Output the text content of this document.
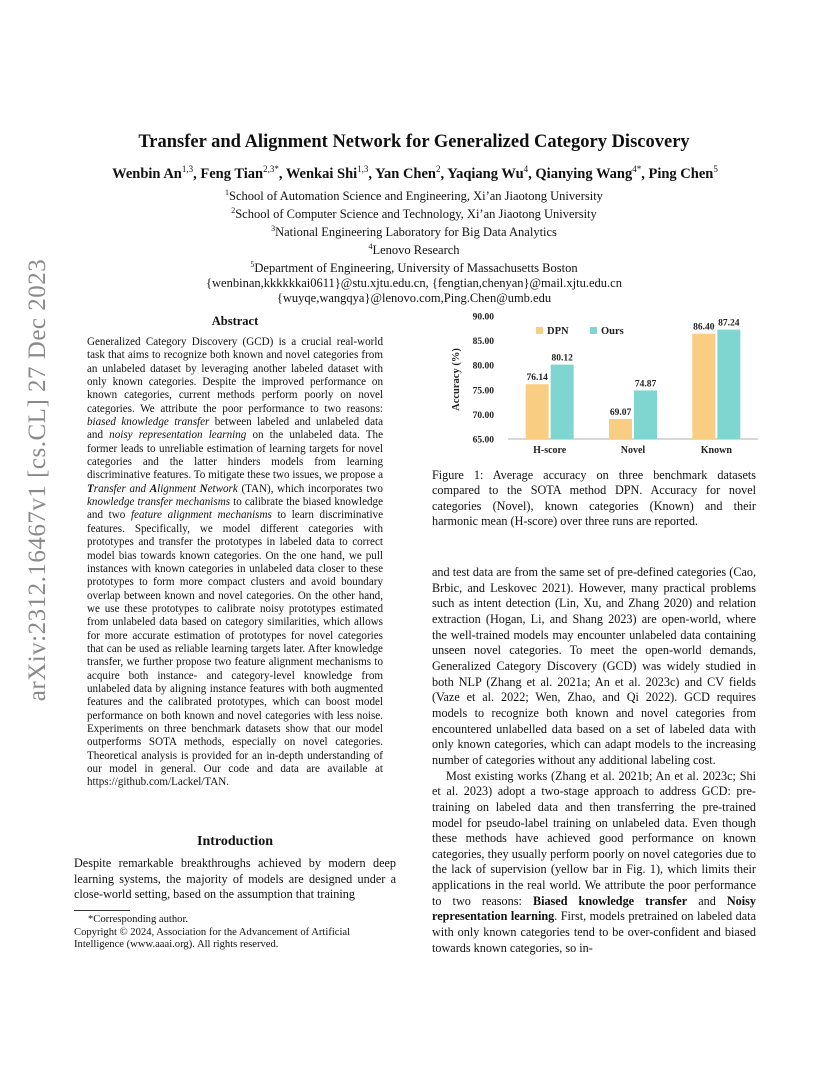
arXiv:2312.16467v1 [cs.CL] 27 Dec 2023
Transfer and Alignment Network for Generalized Category Discovery
Wenbin An$^{1,3}$, Feng Tian$^{2,3*}$, Wenkai Shi$^{1,3}$, Yan Chen$^2$, Yaqiang Wu$^4$, Qianying Wang$^{4*}$, Ping Chen$^5$
$^1$School of Automation Science and Engineering, Xi’an Jiaotong University
$^2$School of Computer Science and Technology, Xi’an Jiaotong University
$^3$National Engineering Laboratory for Big Data Analytics
$^4$Lenovo Research
$^5$Department of Engineering, University of Massachusetts Boston
{wenbinan,kkkkkkai0611}@stu.xjtu.edu.cn, {fengtian,chenyan}@mail.xjtu.edu.cn
{wuyqe,wangqya}@lenovo.com,Ping.Chen@umb.edu
Abstract
Generalized Category Discovery (GCD) is a crucial real-world task that aims to recognize both known and novel categories from an unlabeled dataset by leveraging another labeled dataset with only known categories. Despite the improved performance on known categories, current methods perform poorly on novel categories. We attribute the poor performance to two reasons: biased knowledge transfer between labeled and unlabeled data and noisy representation learning on the unlabeled data. The former leads to unreliable estimation of learning targets for novel categories and the latter hinders models from learning discriminative features. To mitigate these two issues, we propose a Transfer and Alignment Network (TAN), which incorporates two knowledge transfer mechanisms to calibrate the biased knowledge and two feature alignment mechanisms to learn discriminative features. Specifically, we model different categories with prototypes and transfer the prototypes in labeled data to correct model bias towards known categories. On the one hand, we pull instances with known categories in unlabeled data closer to these prototypes to form more compact clusters and avoid boundary overlap between known and novel categories. On the other hand, we use these prototypes to calibrate noisy prototypes estimated from unlabeled data based on category similarities, which allows for more accurate estimation of prototypes for novel categories that can be used as reliable learning targets later. After knowledge transfer, we further propose two feature alignment mechanisms to acquire both instance- and category-level knowledge from unlabeled data by aligning instance features with both augmented features and the calibrated prototypes, which can boost model performance on both known and novel categories with less noise. Experiments on three benchmark datasets show that our model outperforms SOTA methods, especially on novel categories. Theoretical analysis is provided for an in-depth understanding of our model in general. Our code and data are available at https://github.com/Lackel/TAN.
Introduction
Despite remarkable breakthroughs achieved by modern deep learning systems, the majority of models are designed under a close-world setting, based on the assumption that training
*Corresponding author.
Copyright © 2024, Association for the Advancement of Artificial Intelligence (www.aaai.org). All rights reserved.
Accuracy (%)
65.00
70.00
75.00
80.00
85.00
90.00
76.14
80.12
H-score
69.07
74.87
Novel
86.40 87.24
Known
DPN	Ours
Figure 1: Average accuracy on three benchmark datasets compared to the SOTA method DPN. Accuracy for novel categories (Novel), known categories (Known) and their harmonic mean (H-score) over three runs are reported.

and test data are from the same set of pre-defined categories (Cao, Brbic, and Leskovec 2021). However, many practical problems such as intent detection (Lin, Xu, and Zhang 2020) and relation extraction (Hogan, Li, and Shang 2023) are open-world, where the well-trained models may encounter unlabeled data containing unseen novel categories. To meet the open-world demands, Generalized Category Discovery (GCD) was widely studied in both NLP (Zhang et al. 2021a; An et al. 2023c) and CV fields (Vaze et al. 2022; Wen, Zhao, and Qi 2022). GCD requires models to recognize both known and novel categories from encountered unlabelled data based on a set of labeled data with only known categories, which can adapt models to the increasing number of categories without any additional labeling cost.

Most existing works (Zhang et al. 2021b; An et al. 2023c; Shi et al. 2023) adopt a two-stage approach to address GCD: pre-training on labeled data and then transferring the pre-trained model for pseudo-label training on unlabeled data. Even though these methods have achieved good performance on known categories, they usually perform poorly on novel categories due to the lack of supervision (yellow bar in Fig. 1), which limits their applications in the real world. We attribute the poor performance to two reasons: Biased knowledge transfer and Noisy representation learning. First, models pretrained on labeled data with only known categories tend to be over-confident and biased towards known categories, so in-
